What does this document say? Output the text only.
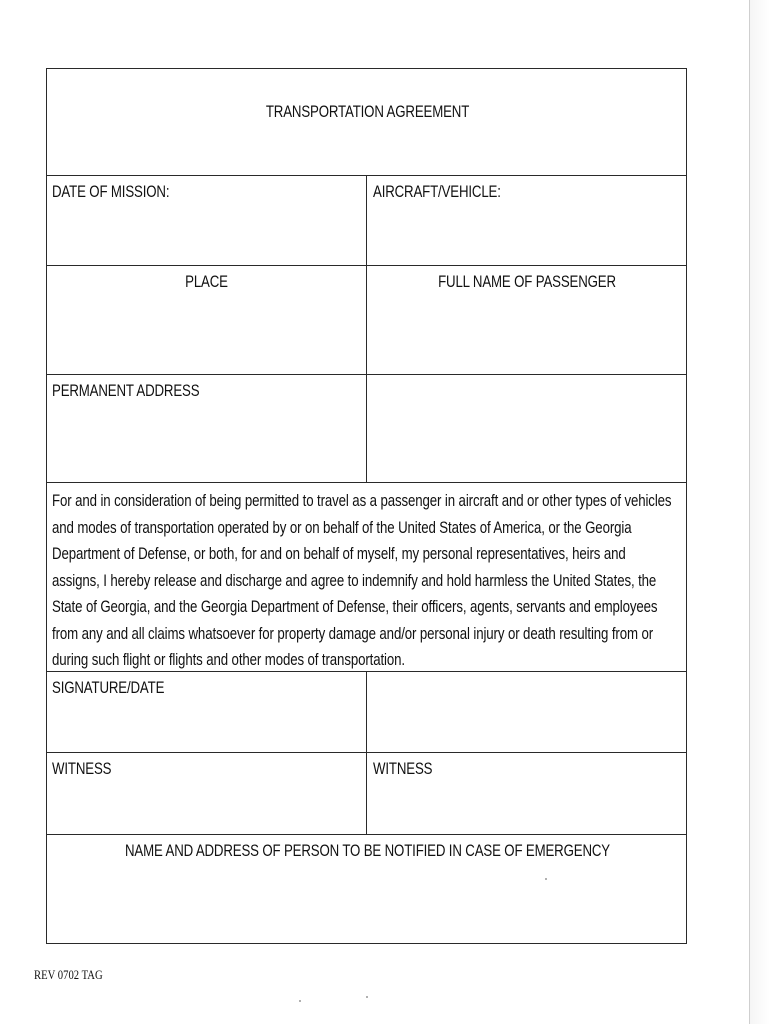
TRANSPORTATION AGREEMENT
DATE OF MISSION:	AIRCRAFT/VEHICLE:
PLACE	FULL NAME OF PASSENGER
PERMANENT ADDRESS
For and in consideration of being permitted to travel as a passenger in aircraft and or other types of vehicles and modes of transportation operated by or on behalf of the United States of America, or the Georgia Department of Defense, or both, for and on behalf of myself, my personal representatives, heirs and assigns, I hereby release and discharge and agree to indemnify and hold harmless the United States, the State of Georgia, and the Georgia Department of Defense, their officers, agents, servants and employees from any and all claims whatsoever for property damage and/or personal injury or death resulting from or during such flight or flights and other modes of transportation.
SIGNATURE/DATE
WITNESS	WITNESS
NAME AND ADDRESS OF PERSON TO BE NOTIFIED IN CASE OF EMERGENCY
REV 0702 TAG
